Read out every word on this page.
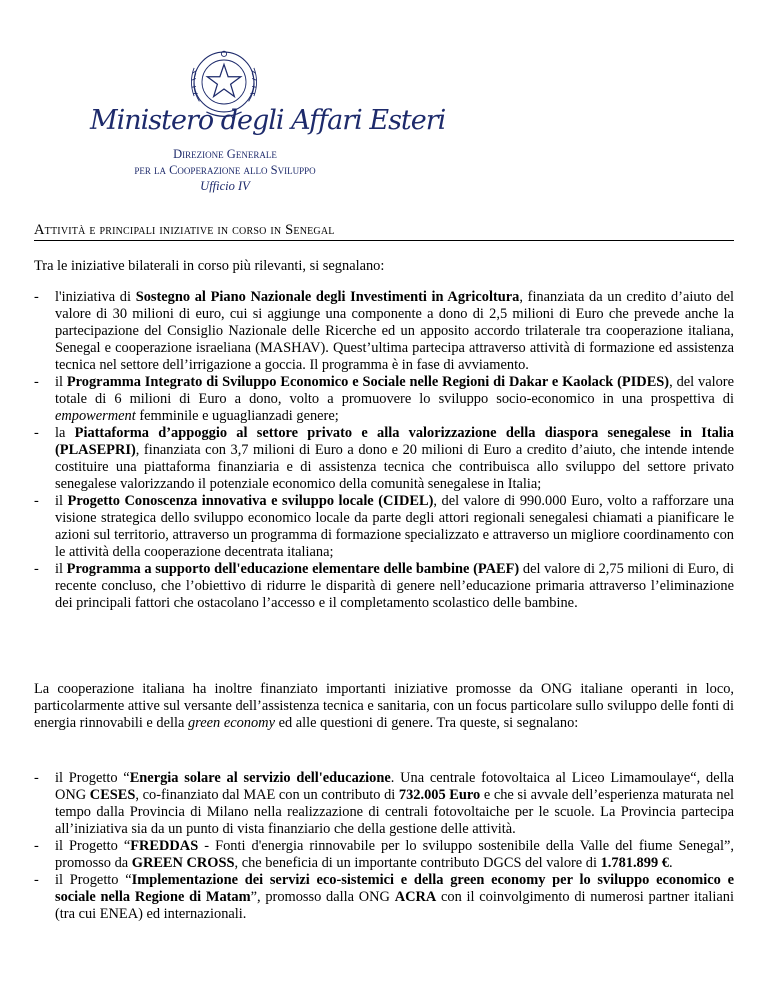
Ministero degli Affari Esteri
Direzione Generale
per la Cooperazione allo Sviluppo
Ufficio IV
Attività e principali iniziative in corso in Senegal
Tra le iniziative bilaterali in corso più rilevanti, si segnalano:
- l'iniziativa di Sostegno al Piano Nazionale degli Investimenti in Agricoltura, finanziata da un credito d’aiuto del valore di 30 milioni di euro, cui si aggiunge una componente a dono di 2,5 milioni di Euro che prevede anche la partecipazione del Consiglio Nazionale delle Ricerche ed un apposito accordo trilaterale tra cooperazione italiana, Senegal e cooperazione israeliana (MASHAV). Quest’ultima partecipa attraverso attività di formazione ed assistenza tecnica nel settore dell’irrigazione a goccia. Il programma è in fase di avviamento.
- il Programma Integrato di Sviluppo Economico e Sociale nelle Regioni di Dakar e Kaolack (PIDES), del valore totale di 6 milioni di Euro a dono, volto a promuovere lo sviluppo socio-economico in una prospettiva di empowerment femminile e uguaglianzadi genere;
- la Piattaforma d’appoggio al settore privato e alla valorizzazione della diaspora senegalese in Italia (PLASEPRI), finanziata con 3,7 milioni di Euro a dono e 20 milioni di Euro a credito d’aiuto, che intende intende costituire una piattaforma finanziaria e di assistenza tecnica che contribuisca allo sviluppo del settore privato senegalese valorizzando il potenziale economico della comunità senegalese in Italia;
- il Progetto Conoscenza innovativa e sviluppo locale (CIDEL), del valore di 990.000 Euro, volto a rafforzare una visione strategica dello sviluppo economico locale da parte degli attori regionali senegalesi chiamati a pianificare le azioni sul territorio, attraverso un programma di formazione specializzato e attraverso un migliore coordinamento con le attività della cooperazione decentrata italiana;
- il Programma a supporto dell'educazione elementare delle bambine (PAEF) del valore di 2,75 milioni di Euro, di recente concluso, che l’obiettivo di ridurre le disparità di genere nell’educazione primaria attraverso l’eliminazione dei principali fattori che ostacolano l’accesso e il completamento scolastico delle bambine.
La cooperazione italiana ha inoltre finanziato importanti iniziative promosse da ONG italiane operanti in loco, particolarmente attive sul versante dell’assistenza tecnica e sanitaria, con un focus particolare sullo sviluppo delle fonti di energia rinnovabili e della green economy ed alle questioni di genere. Tra queste, si segnalano:
- il Progetto “Energia solare al servizio dell'educazione. Una centrale fotovoltaica al Liceo Limamoulaye“, della ONG CESES, co-finanziato dal MAE con un contributo di 732.005 Euro e che si avvale dell’esperienza maturata nel tempo dalla Provincia di Milano nella realizzazione di centrali fotovoltaiche per le scuole. La Provincia partecipa all’iniziativa sia da un punto di vista finanziario che della gestione delle attività.
- il Progetto “FREDDAS - Fonti d'energia rinnovabile per lo sviluppo sostenibile della Valle del fiume Senegal”, promosso da GREEN CROSS, che beneficia di un importante contributo DGCS del valore di 1.781.899 €.
- il Progetto “Implementazione dei servizi eco-sistemici e della green economy per lo sviluppo economico e sociale nella Regione di Matam”, promosso dalla ONG ACRA con il coinvolgimento di numerosi partner italiani (tra cui ENEA) ed internazionali.
